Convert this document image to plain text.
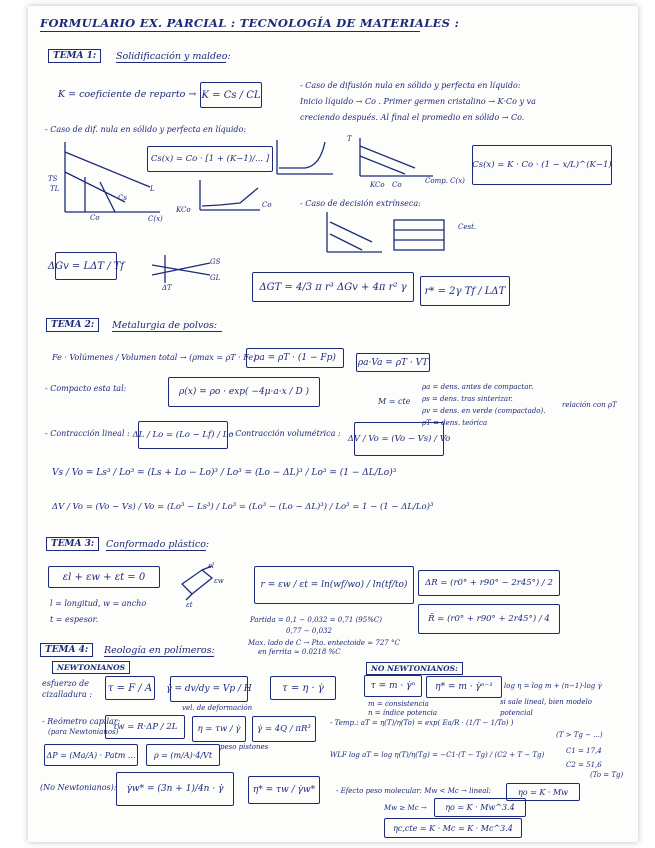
FORMULARIO EX. PARCIAL : TECNOLOGÍA DE MATERIALES :
TEMA 1:	Solidificación y maldeo:
K = coeficiente de reparto → K = Cs / CL
- Caso de difusión nula en sólido y perfecta en líquido:
Inicio líquido → Co . Primer germen cristalino → K·Co y va
creciendo después. Al final el promedio en sólido → Co.
- Caso de dif. nula en sólido y perfecta en líquido:
TS
TL	L
Cs
Co	C(x)
Cs(x) = Co · [1 + (K−1)/... ]
KCo
Co
T
KCo Co	Comp. C(x)
Cs(x) = K · Co · (1 − x/L)^(K−1)
- Caso de decisión extrínseca:
Cest.
ΔGv = LΔT / Tf	GS
GL
ΔT	ΔGT = 4/3 π r³ ΔGv + 4π r² γ	r* = 2γ Tf / LΔT
TEMA 2:	Metalurgia de polvos:
Fe · Volúmenes / Volumen total → (ρmax = ρT · Fe)
ρa = ρT · (1 − Fp)	ρa·Va = ρT · VT
- Compacto esta tal:	ρ(x) = ρo · exp( −4μ·a·x / D )
M = cte
ρa = dens. antes de compactar.
ρs = dens. tras sinterizar.
ρv = dens. en verde (compactado).
ρT = dens. teórica
relación con ρT
- Contracción lineal : ΔL / Lo = (Lo − Lf) / Lo
- Contracción volumétrica :
ΔV / Vo = (Vo − Vs) / Vo
Vs / Vo = Ls³ / Lo³ = (Ls + Lo − Lo)³ / Lo³ = (Lo − ΔL)³ / Lo³ = (1 − ΔL/Lo)³
ΔV / Vo = (Vo − Vs) / Vo = (Lo³ − Ls³) / Lo³ = (Lo³ − (Lo − ΔL)³) / Lo³ = 1 − (1 − ΔL/Lo)³
TEMA 3:	Conformado plástico:
εl + εw + εt = 0
l = longitud, w = ancho
t = espesor.
εl
εw
εt
r = εw / εt = ln(wf/wo) / ln(tf/to)	ΔR = (r0° + r90° − 2r45°) / 2
R̄ = (r0° + r90° + 2r45°) / 4
Partida = 0,1 − 0,032 = 0,71 (95%C)
0,77 − 0,032
Max. lado de C → Pto. entectoide ≈ 727 °C
en ferrita ≈ 0.0218 %C
TEMA 4:	Reología en polímeros:
NEWTONIANOS	NO NEWTONIANOS:
esfuerzo de cizalladura :
τ = F / A	γ̇ = dv/dy = Vp / H
vel. de deformación
τ = η · γ̇	τ = m · γ̇ⁿ	η* = m · γ̇ⁿ⁻¹	log η = log m + (n−1)·log γ̇
m = consistencia
n = índice potencia
si sale lineal, bien modelo potencial
- Reómetro capilar:
(para Newtonianos)
τw = R·ΔP / 2L	η = τw / γ̇	γ̇ = 4Q / πR³
ΔP = (Ma/A) · Patm ...	ρ = (m/A)·4/Vt
peso pistones
(No Newtonianos):	γ̇w* = (3n + 1)/4n · γ̇	η* = τw / γ̇w*
- Temp.: aT = η(T)/η(To) = exp( Ea/R · (1/T − 1/To) )
(T > Tg − ...)
WLF log aT = log η(T)/η(Tg) = −C1·(T − Tg) / (C2 + T − Tg)	C1 = 17,4
C2 = 51,6
(To = Tg)
- Efecto peso molecular: Mw < Mc → lineal:	ηo = K · Mw
Mw ≥ Mc →	ηo = K · Mw^3.4
ηc,cte = K · Mc = K · Mc^3.4
